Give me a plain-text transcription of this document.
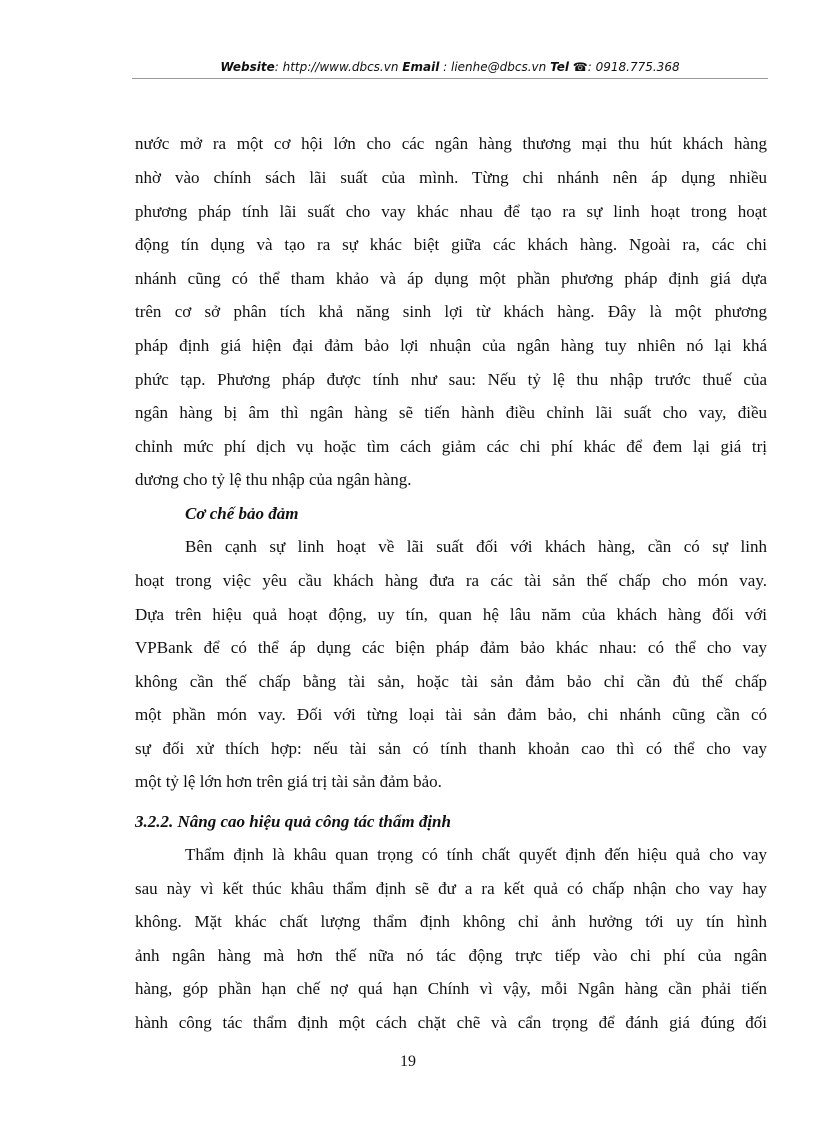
Website: http://www.dbcs.vn Email : lienhe@dbcs.vn Tel ☎: 0918.775.368
nước mở ra một cơ hội lớn cho các ngân hàng thương mại thu hút khách hàng
nhờ vào chính sách lãi suất của mình. Từng chi nhánh nên áp dụng nhiều
phương pháp tính lãi suất cho vay khác nhau để tạo ra sự linh hoạt trong hoạt
động tín dụng và tạo ra sự khác biệt giữa các khách hàng. Ngoài ra, các chi
nhánh cũng có thể tham khảo và áp dụng một phần phương pháp định giá dựa
trên cơ sở phân tích khả năng sinh lợi từ khách hàng. Đây là một phương
pháp định giá hiện đại đảm bảo lợi nhuận của ngân hàng tuy nhiên nó lại khá
phức tạp. Phương pháp được tính như sau: Nếu tỷ lệ thu nhập trước thuế của
ngân hàng bị âm thì ngân hàng sẽ tiến hành điều chỉnh lãi suất cho vay, điều
chỉnh mức phí dịch vụ hoặc tìm cách giảm các chi phí khác để đem lại giá trị
dương cho tỷ lệ thu nhập của ngân hàng.
Cơ chế bảo đảm
Bên cạnh sự linh hoạt về lãi suất đối với khách hàng, cần có sự linh
hoạt trong việc yêu cầu khách hàng đưa ra các tài sản thế chấp cho món vay.
Dựa trên hiệu quả hoạt động, uy tín, quan hệ lâu năm của khách hàng đối với
VPBank để có thể áp dụng các biện pháp đảm bảo khác nhau: có thể cho vay
không cần thế chấp bằng tài sản, hoặc tài sản đảm bảo chỉ cần đủ thế chấp
một phần món vay. Đối với từng loại tài sản đảm bảo, chi nhánh cũng cần có
sự đối xử thích hợp: nếu tài sản có tính thanh khoản cao thì có thể cho vay
một tỷ lệ lớn hơn trên giá trị tài sản đảm bảo.
3.2.2. Nâng cao hiệu quả công tác thẩm định
Thẩm định là khâu quan trọng có tính chất quyết định đến hiệu quả cho vay
sau này vì kết thúc khâu thẩm định sẽ đư a ra kết quả có chấp nhận cho vay hay
không. Mặt khác chất lượng thẩm định không chỉ ảnh hưởng tới uy tín hình
ảnh ngân hàng mà hơn thế nữa nó tác động trực tiếp vào chi phí của ngân
hàng, góp phần hạn chế nợ quá hạn Chính vì vậy, mỗi Ngân hàng cần phải tiến
hành công tác thẩm định một cách chặt chẽ và cẩn trọng để đánh giá đúng đối
19
